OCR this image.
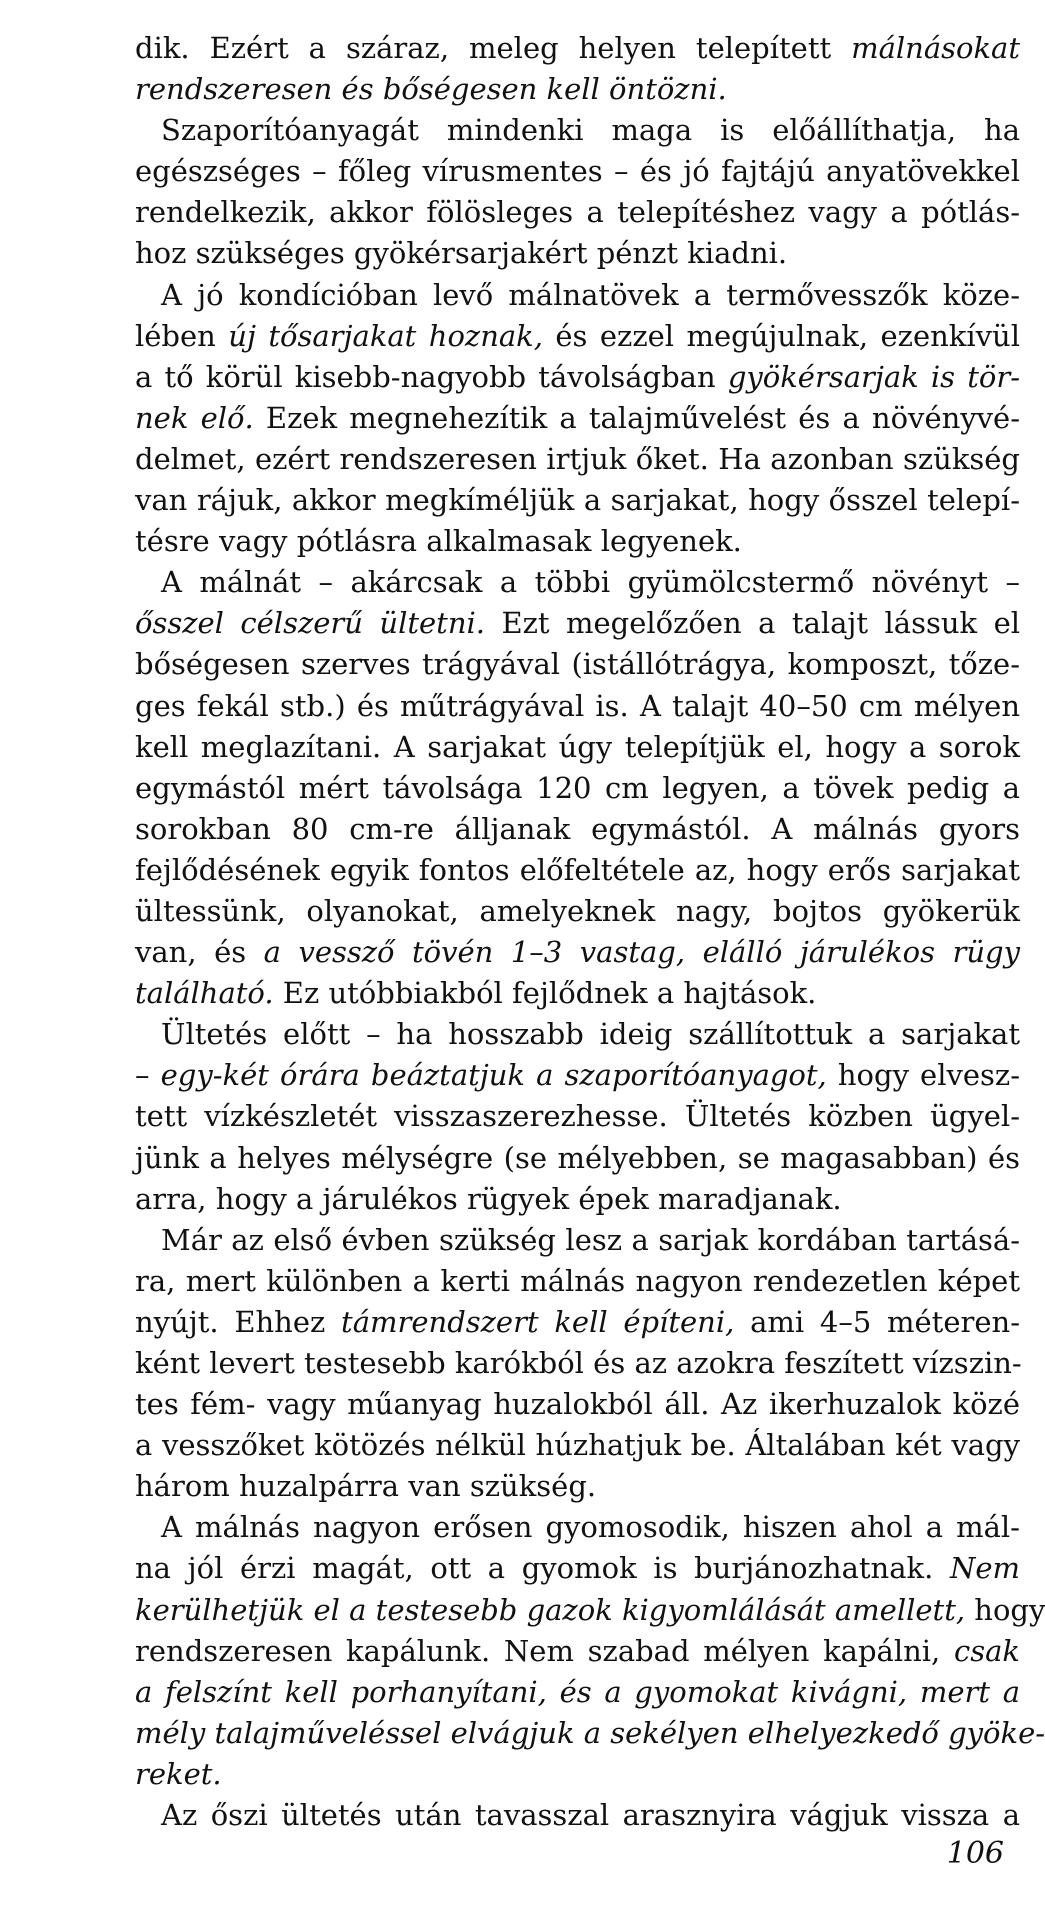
dik. Ezért a száraz, meleg helyen telepített málnásokat
rendszeresen és bőségesen kell öntözni.
Szaporítóanyagát mindenki maga is előállíthatja, ha
egészséges – főleg vírusmentes – és jó fajtájú anyatövekkel
rendelkezik, akkor fölösleges a telepítéshez vagy a pótlás-
hoz szükséges gyökérsarjakért pénzt kiadni.
A jó kondícióban levő málnatövek a termővesszők köze-
lében új tősarjakat hoznak, és ezzel megújulnak, ezenkívül
a tő körül kisebb-nagyobb távolságban gyökérsarjak is tör-
nek elő. Ezek megnehezítik a talajművelést és a növényvé-
delmet, ezért rendszeresen irtjuk őket. Ha azonban szükség
van rájuk, akkor megkíméljük a sarjakat, hogy ősszel telepí-
tésre vagy pótlásra alkalmasak legyenek.
A málnát – akárcsak a többi gyümölcstermő növényt –
ősszel célszerű ültetni. Ezt megelőzően a talajt lássuk el
bőségesen szerves trágyával (istállótrágya, komposzt, tőze-
ges fekál stb.) és műtrágyával is. A talajt 40–50 cm mélyen
kell meglazítani. A sarjakat úgy telepítjük el, hogy a sorok
egymástól mért távolsága 120 cm legyen, a tövek pedig a
sorokban 80 cm-re álljanak egymástól. A málnás gyors
fejlődésének egyik fontos előfeltétele az, hogy erős sarjakat
ültessünk, olyanokat, amelyeknek nagy, bojtos gyökerük
van, és a vessző tövén 1–3 vastag, elálló járulékos rügy
található. Ez utóbbiakból fejlődnek a hajtások.
Ültetés előtt – ha hosszabb ideig szállítottuk a sarjakat
– egy-két órára beáztatjuk a szaporítóanyagot, hogy elvesz-
tett vízkészletét visszaszerezhesse. Ültetés közben ügyel-
jünk a helyes mélységre (se mélyebben, se magasabban) és
arra, hogy a járulékos rügyek épek maradjanak.
Már az első évben szükség lesz a sarjak kordában tartásá-
ra, mert különben a kerti málnás nagyon rendezetlen képet
nyújt. Ehhez támrendszert kell építeni, ami 4–5 méteren-
ként levert testesebb karókból és az azokra feszített vízszin-
tes fém- vagy műanyag huzalokból áll. Az ikerhuzalok közé
a vesszőket kötözés nélkül húzhatjuk be. Általában két vagy
három huzalpárra van szükség.
A málnás nagyon erősen gyomosodik, hiszen ahol a mál-
na jól érzi magát, ott a gyomok is burjánozhatnak. Nem
kerülhetjük el a testesebb gazok kigyomlálását amellett, hogy
rendszeresen kapálunk. Nem szabad mélyen kapálni, csak
a felszínt kell porhanyítani, és a gyomokat kivágni, mert a
mély talajműveléssel elvágjuk a sekélyen elhelyezkedő gyöke-
reket.
Az őszi ültetés után tavasszal arasznyira vágjuk vissza a
106
